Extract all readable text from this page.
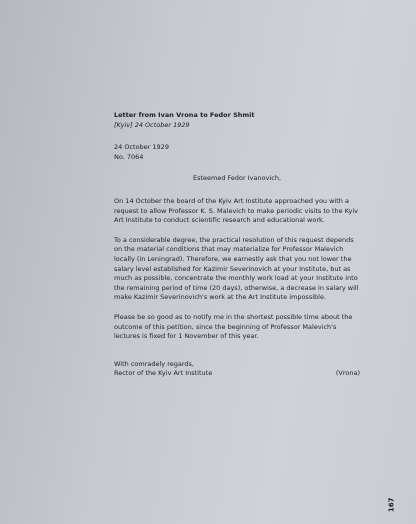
Letter from Ivan Vrona to Fedor Shmit

[Kyiv] 24 October 1929

24 October 1929
No. 7064

Esteemed Fedor Ivanovich,

On 14 October the board of the Kyiv Art Institute approached you with a request to allow Professor K. S. Malevich to make periodic visits to the Kyiv Art Institute to conduct scientific research and educational work.

To a considerable degree, the practical resolution of this request depends on the material conditions that may materialize for Professor Malevich locally (in Leningrad). Therefore, we earnestly ask that you not lower the salary level established for Kazimir Severinovich at your Institute, but as much as possible, concentrate the monthly work load at your Institute into the remaining period of time (20 days), otherwise, a decrease in salary will make Kazimir Severinovich's work at the Art Institute impossible.

Please be so good as to notify me in the shortest possible time about the outcome of this petition, since the beginning of Professor Malevich's lectures is fixed for 1 November of this year.

With comradely regards,
Rector of the Kyiv Art Institute	(Vrona)
167
